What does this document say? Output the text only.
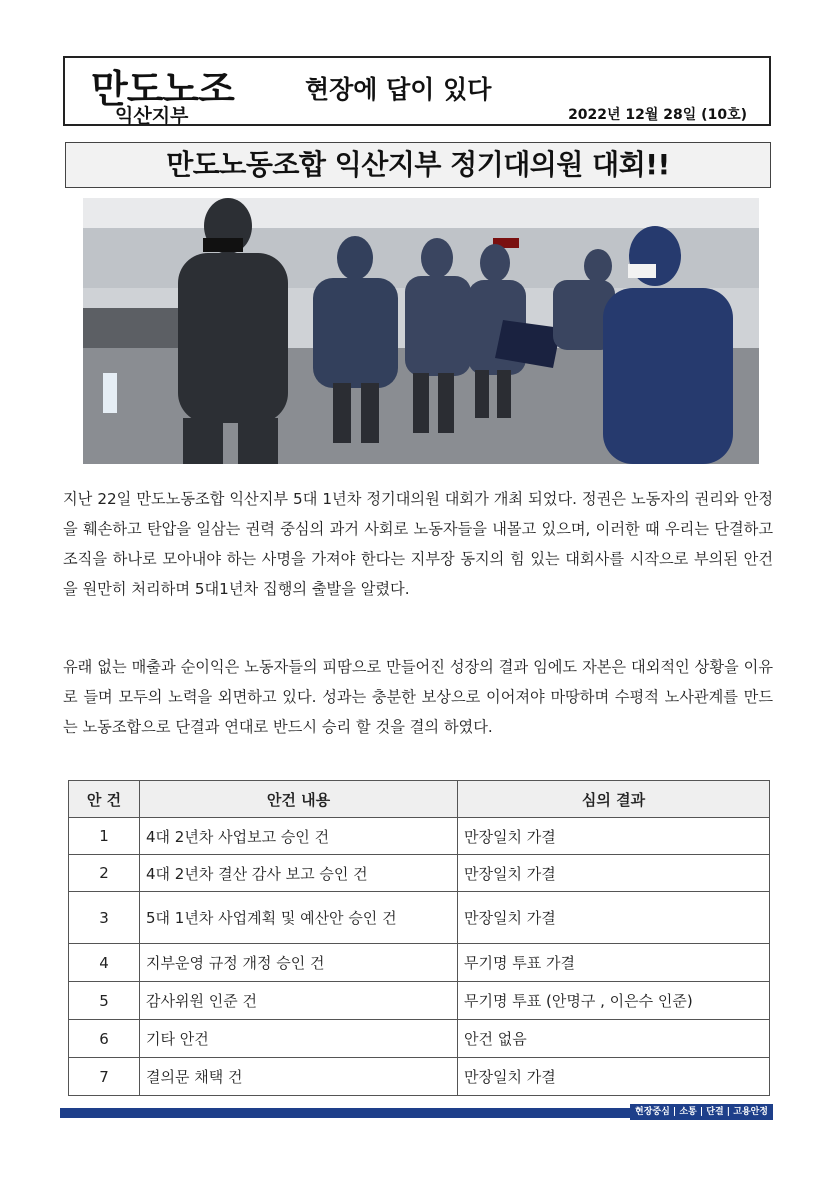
만도노조
익산지부
현장에 답이 있다
2022년 12월 28일 (10호)
만도노동조합 익산지부 정기대의원 대회!!

지난 22일 만도노동조합 익산지부 5대 1년차 정기대의원 대회가 개최 되었다. 정권은 노동자의 권리와 안정을 훼손하고 탄압을 일삼는 권력 중심의 과거 사회로 노동자들을 내몰고 있으며, 이러한 때 우리는 단결하고 조직을 하나로 모아내야 하는 사명을 가져야 한다는 지부장 동지의 힘 있는 대회사를 시작으로 부의된 안건을 원만히 처리하며 5대1년차 집행의 출발을 알렸다.

유래 없는 매출과 순이익은 노동자들의 피땀으로 만들어진 성장의 결과 임에도 자본은 대외적인 상황을 이유로 들며 모두의 노력을 외면하고 있다. 성과는 충분한 보상으로 이어져야 마땅하며 수평적 노사관계를 만드는 노동조합으로 단결과 연대로 반드시 승리 할 것을 결의 하였다.

안 건	안건 내용	심의 결과
1	4대 2년차 사업보고 승인 건	만장일치 가결
2	4대 2년차 결산 감사 보고 승인 건	만장일치 가결
3	5대 1년차 사업계획 및 예산안 승인 건	만장일치 가결
4	지부운영 규정 개정 승인 건	무기명 투표 가결
5	감사위원 인준 건	무기명 투표 (안명구 , 이은수 인준)
6	기타 안건	안건 없음
7	결의문 채택 건	만장일치 가결
현장중심 | 소통 | 단결 | 고용안정
